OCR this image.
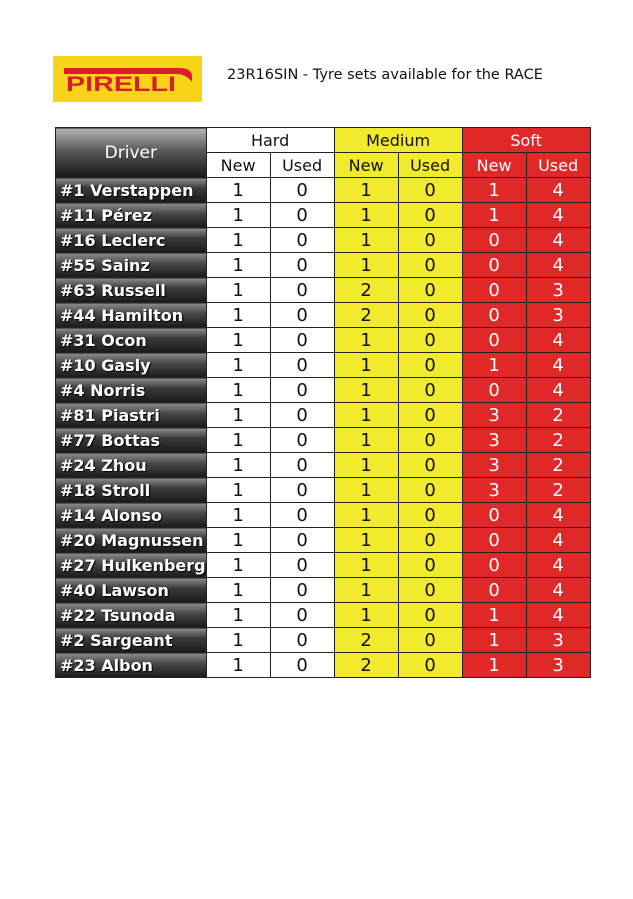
PIRELLI	23R16SIN - Tyre sets available for the RACE
Driver	Hard		Medium		Soft	
	New	Used	New	Used	New	Used
#1 Verstappen	1	0	1	0	1	4
#11 Pérez	1	0	1	0	1	4
#16 Leclerc	1	0	1	0	0	4
#55 Sainz	1	0	1	0	0	4
#63 Russell	1	0	2	0	0	3
#44 Hamilton	1	0	2	0	0	3
#31 Ocon	1	0	1	0	0	4
#10 Gasly	1	0	1	0	1	4
#4 Norris	1	0	1	0	0	4
#81 Piastri	1	0	1	0	3	2
#77 Bottas	1	0	1	0	3	2
#24 Zhou	1	0	1	0	3	2
#18 Stroll	1	0	1	0	3	2
#14 Alonso	1	0	1	0	0	4
#20 Magnussen	1	0	1	0	0	4
#27 Hulkenberg	1	0	1	0	0	4
#40 Lawson	1	0	1	0	0	4
#22 Tsunoda	1	0	1	0	1	4
#2 Sargeant	1	0	2	0	1	3
#23 Albon	1	0	2	0	1	3
